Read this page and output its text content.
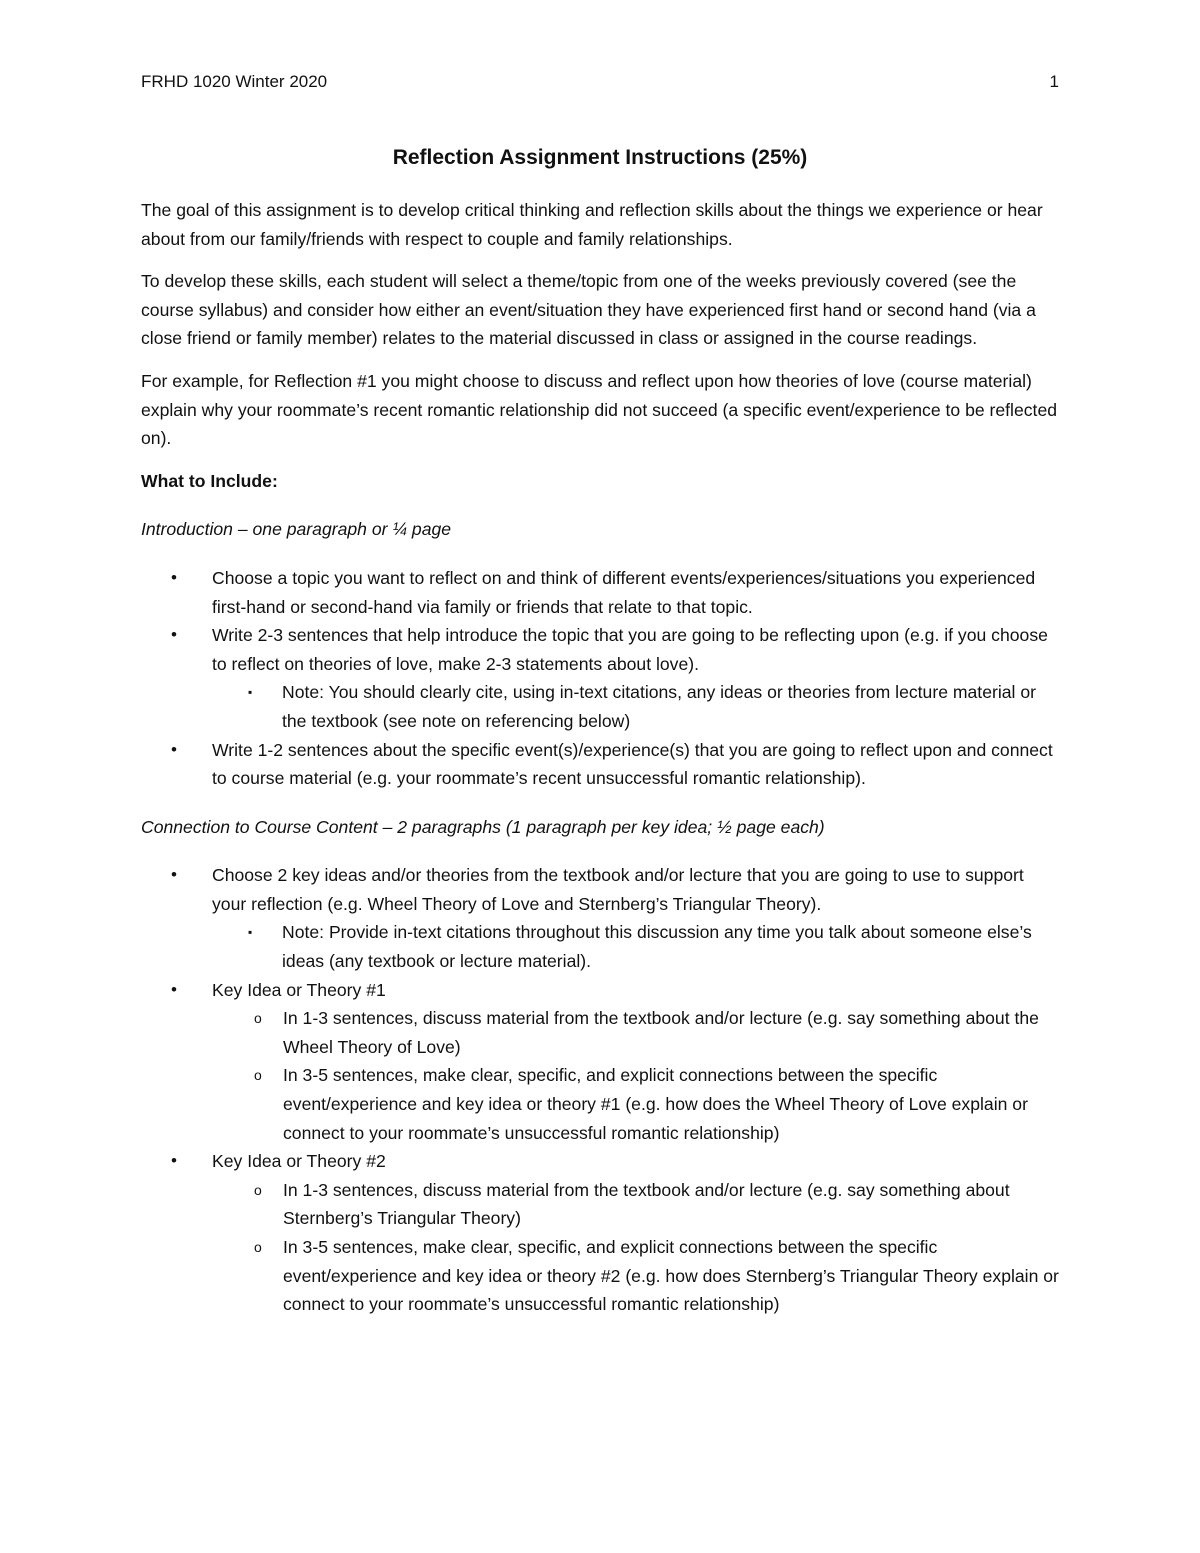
FRHD 1020 Winter 2020	1
Reflection Assignment Instructions (25%)

The goal of this assignment is to develop critical thinking and reflection skills about the things we experience or hear about from our family/friends with respect to couple and family relationships.

To develop these skills, each student will select a theme/topic from one of the weeks previously covered (see the course syllabus) and consider how either an event/situation they have experienced first hand or second hand (via a close friend or family member) relates to the material discussed in class or assigned in the course readings.

For example, for Reflection #1 you might choose to discuss and reflect upon how theories of love (course material) explain why your roommate’s recent romantic relationship did not succeed (a specific event/experience to be reflected on).

What to Include:

Introduction – one paragraph or ¼ page

• Choose a topic you want to reflect on and think of different events/experiences/situations you experienced first-hand or second-hand via family or friends that relate to that topic.
• Write 2-3 sentences that help introduce the topic that you are going to be reflecting upon (e.g. if you choose to reflect on theories of love, make 2-3 statements about love).
▪ Note: You should clearly cite, using in-text citations, any ideas or theories from lecture material or the textbook (see note on referencing below)
• Write 1-2 sentences about the specific event(s)/experience(s) that you are going to reflect upon and connect to course material (e.g. your roommate’s recent unsuccessful romantic relationship).

Connection to Course Content – 2 paragraphs (1 paragraph per key idea; ½ page each)

• Choose 2 key ideas and/or theories from the textbook and/or lecture that you are going to use to support your reflection (e.g. Wheel Theory of Love and Sternberg’s Triangular Theory).
▪ Note: Provide in-text citations throughout this discussion any time you talk about someone else’s ideas (any textbook or lecture material).
• Key Idea or Theory #1
o In 1-3 sentences, discuss material from the textbook and/or lecture (e.g. say something about the Wheel Theory of Love)
o In 3-5 sentences, make clear, specific, and explicit connections between the specific event/experience and key idea or theory #1 (e.g. how does the Wheel Theory of Love explain or connect to your roommate’s unsuccessful romantic relationship)
• Key Idea or Theory #2
o In 1-3 sentences, discuss material from the textbook and/or lecture (e.g. say something about Sternberg’s Triangular Theory)
o In 3-5 sentences, make clear, specific, and explicit connections between the specific event/experience and key idea or theory #2 (e.g. how does Sternberg’s Triangular Theory explain or connect to your roommate’s unsuccessful romantic relationship)
